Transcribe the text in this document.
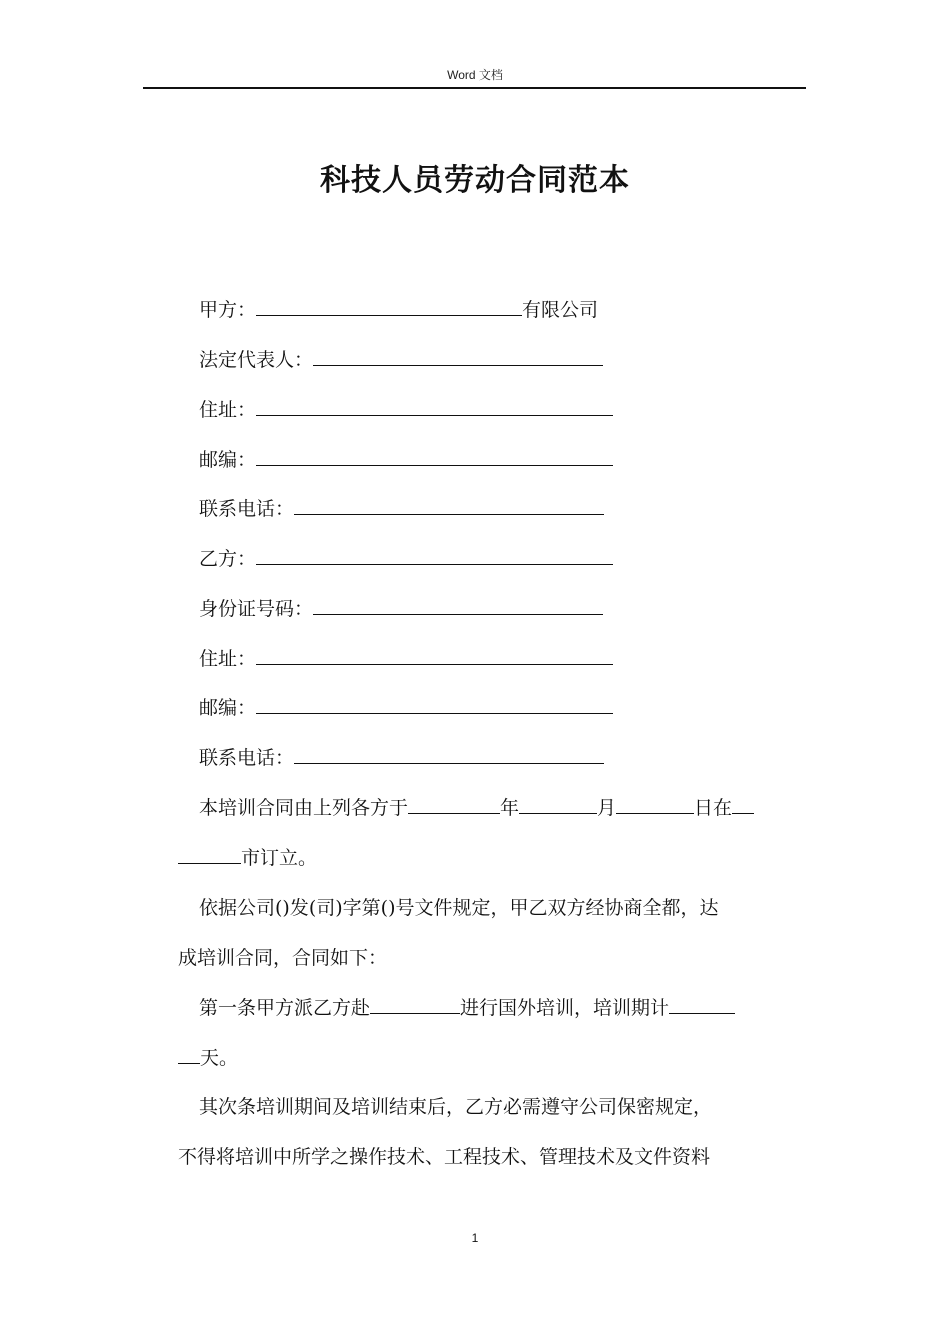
Word 文档
科技人员劳动合同范本
甲方：	有限公司
法定代表人：
住址：
邮编：
联系电话：
乙方：
身份证号码：
住址：
邮编：
联系电话：
本培训合同由上列各方于	年	月	日在
市订立。
依据公司()发(司)字第()号文件规定，甲乙双方经协商全都，达
成培训合同，合同如下：
第一条甲方派乙方赴	进行国外培训，培训期计
天。
其次条培训期间及培训结束后，乙方必需遵守公司保密规定，
不得将培训中所学之操作技术、工程技术、管理技术及文件资料
1
